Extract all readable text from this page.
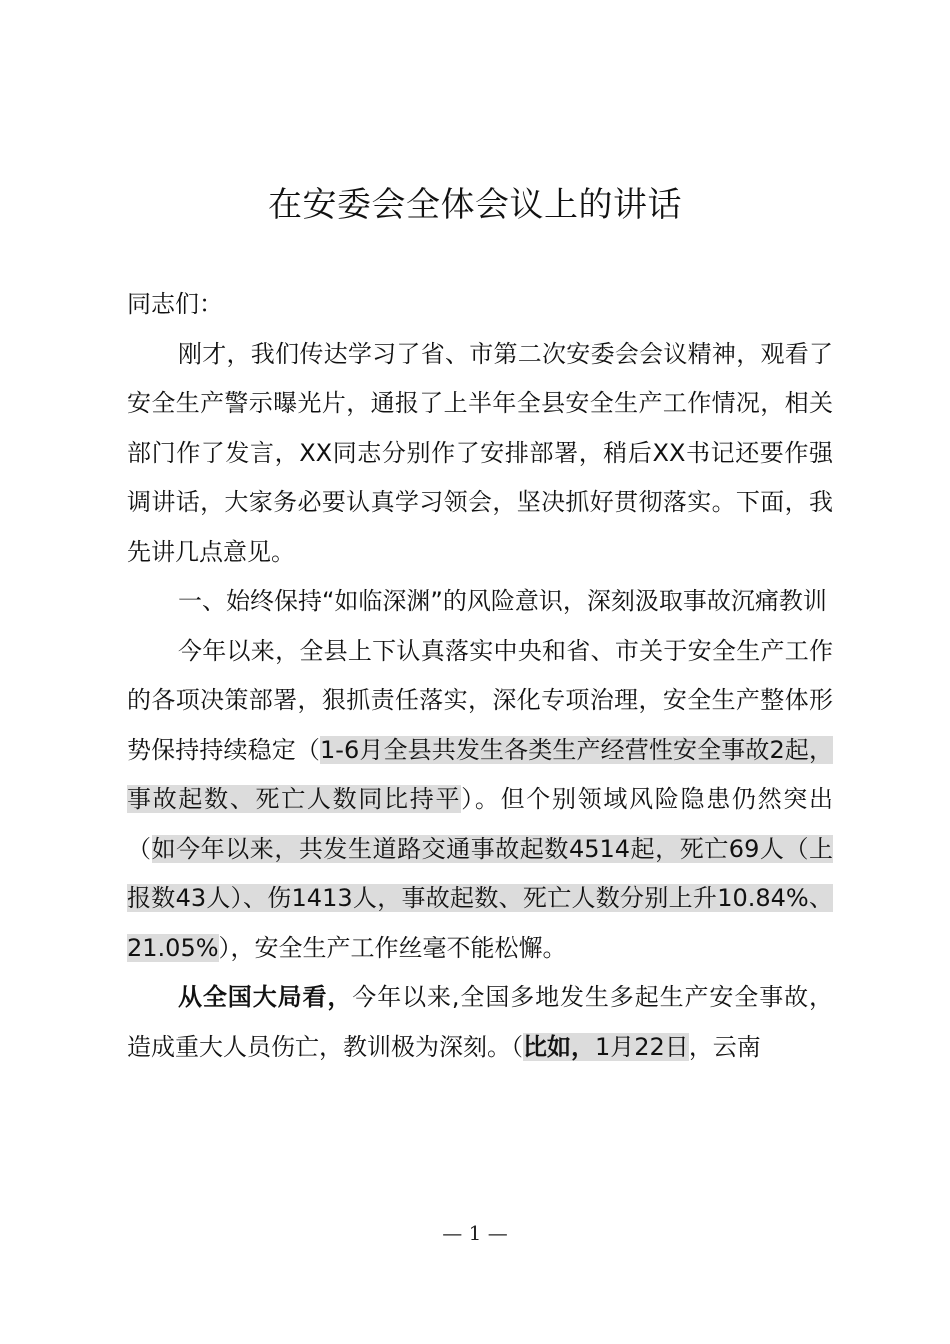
在安委会全体会议上的讲话

同志们：

刚才，我们传达学习了省、市第二次安委会会议精神，观看了安全生产警示曝光片，通报了上半年全县安全生产工作情况，相关部门作了发言，XX同志分别作了安排部署，稍后XX书记还要作强调讲话，大家务必要认真学习领会，坚决抓好贯彻落实。下面，我先讲几点意见。

一、始终保持“如临深渊”的风险意识，深刻汲取事故沉痛教训

今年以来，全县上下认真落实中央和省、市关于安全生产工作的各项决策部署，狠抓责任落实，深化专项治理，安全生产整体形势保持持续稳定（1-6月全县共发生各类生产经营性安全事故2起，事故起数、死亡人数同比持平）。但个别领域风险隐患仍然突出（如今年以来，共发生道路交通事故起数4514起，死亡69人（上报数43人）、伤1413人，事故起数、死亡人数分别上升10.84%、21.05%），安全生产工作丝毫不能松懈。

从全国大局看，今年以来,全国多地发生多起生产安全事故，造成重大人员伤亡，教训极为深刻。（比如，1月22日，云南

— 1 —
